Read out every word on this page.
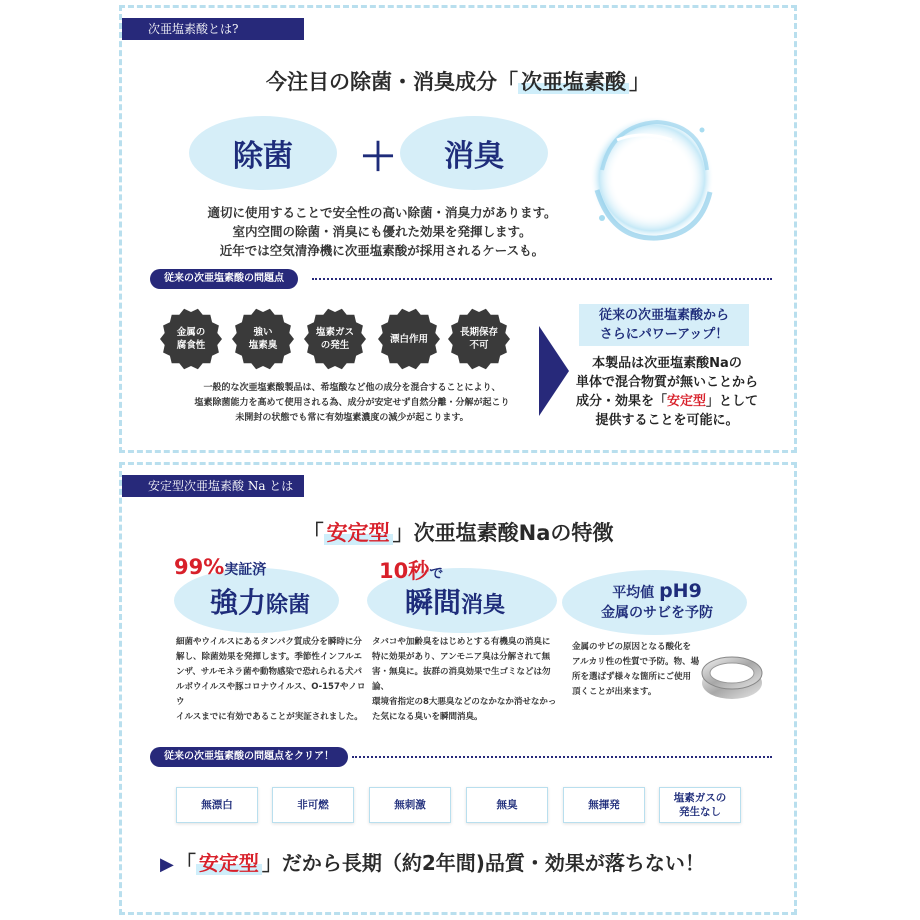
次亜塩素酸とは?
今注目の除菌・消臭成分「 次亜塩素酸 」
除菌	＋	消臭
適切に使用することで安全性の高い除菌・消臭力があります。
室内空間の除菌・消臭にも優れた効果を発揮します。
近年では空気清浄機に次亜塩素酸が採用されるケースも。
従来の次亜塩素酸の問題点
一般的な次亜塩素酸製品は、希塩酸など他の成分を混合することにより、
塩素除菌能力を高めて使用される為、成分が安定せず自然分離・分解が起こり
未開封の状態でも常に有効塩素濃度の減少が起こります。
従来の次亜塩素酸から
さらにパワーアップ！
本製品は次亜塩素酸Naの
単体で混合物質が無いことから
成分・効果を「安定型」として
提供することを可能に。
金属の
腐食性
強い
塩素臭
塩素ガス
の発生
漂白作用
長期保存
不可
安定型次亜塩素酸 Na とは
「 安定型 」次亜塩素酸Naの特徴
99%実証済
強力除菌
細菌やウイルスにあるタンパク質成分を瞬時に分
解し、除菌効果を発揮します。季節性インフルエ
ンザ、サルモネラ菌や動物感染で恐れられる犬パ
ルボウイルスや豚コロナウイルス、O-157やノロウ
イルスまでに有効であることが実証されました。
10秒で
瞬間消臭
タバコや加齢臭をはじめとする有機臭の消臭に
特に効果があり、アンモニア臭は分解されて無
害・無臭に。抜群の消臭効果で生ゴミなどは勿論、
環境省指定の8大悪臭などのなかなか消せなかっ
た気になる臭いを瞬間消臭。
平均値 pH9
金属のサビを予防
金属のサビの原因となる酸化を
アルカリ性の性質で予防。物、場
所を選ばず様々な箇所にご使用
頂くことが出来ます。
従来の次亜塩素酸の問題点をクリア！
▶ 「 安定型 」だから長期（約2年間)品質・効果が落ちない！
無漂白	非可燃	無刺激	無臭	無揮発
塩素ガスの
発生なし
